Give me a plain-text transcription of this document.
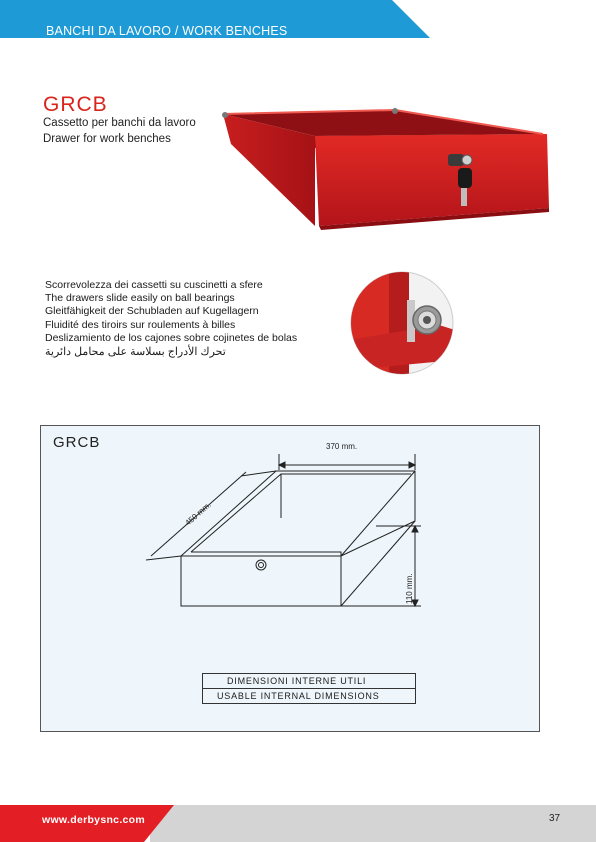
BANCHI DA LAVORO / WORK BENCHES
GRCB
Cassetto per banchi da lavoro
Drawer for work benches
Scorrevolezza dei cassetti su cuscinetti a sfere
The drawers slide easily on ball bearings
Gleitfähigkeit der Schubladen auf Kugellagern
Fluidité des tiroirs sur roulements à billes
Deslizamiento de los cajones sobre cojinetes de bolas
تحرك الأدراج بسلاسة على محامل دائرية
GRCB	370 mm.
450 mm.
110 mm.
DIMENSIONI INTERNE UTILI
USABLE INTERNAL DIMENSIONS
www.derbysnc.com	37
